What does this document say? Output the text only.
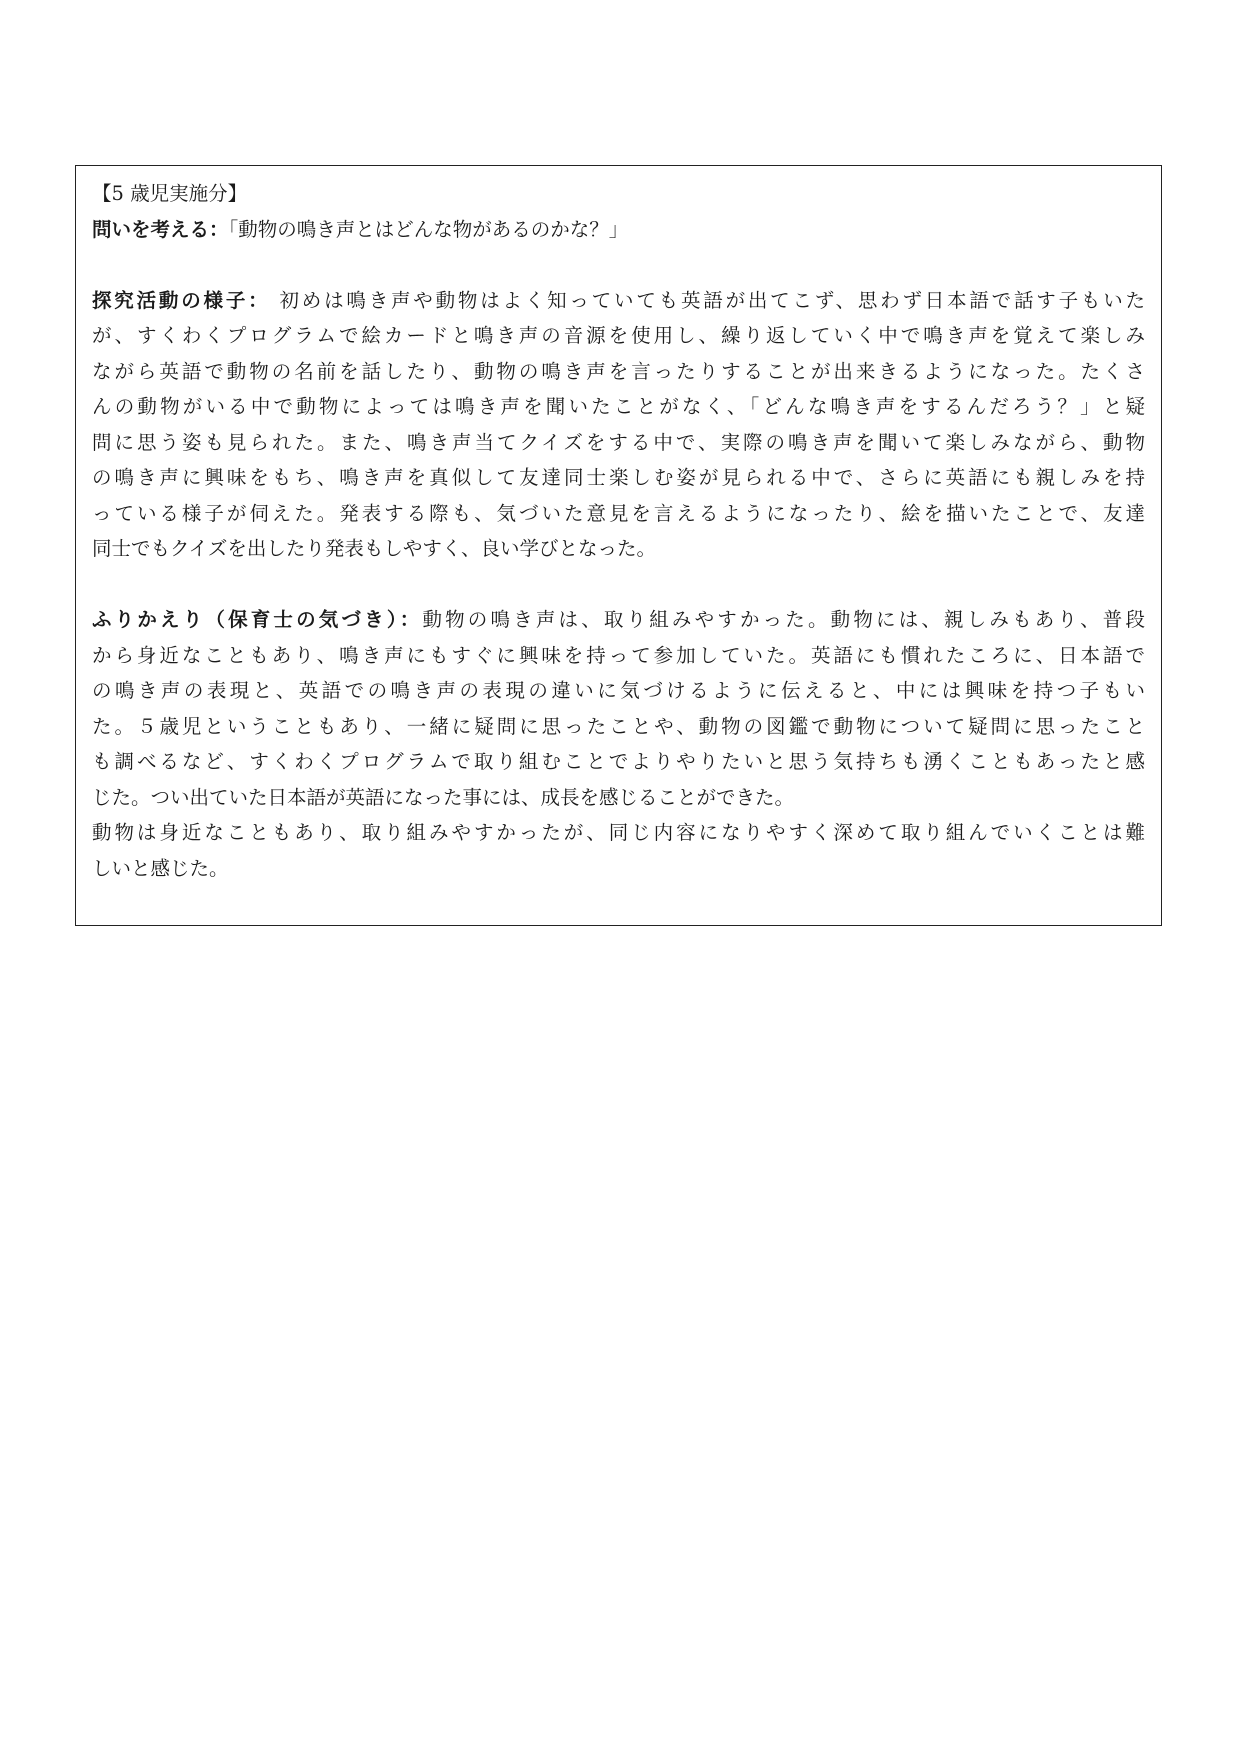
【5 歳児実施分】

問いを考える：「動物の鳴き声とはどんな物があるのかな？」

探究活動の様子： 初めは鳴き声や動物はよく知っていても英語が出てこず、思わず日本語で話す子もいた

が、すくわくプログラムで絵カードと鳴き声の音源を使用し、繰り返していく中で鳴き声を覚えて楽しみ

ながら英語で動物の名前を話したり、動物の鳴き声を言ったりすることが出来きるようになった。たくさ

んの動物がいる中で動物によっては鳴き声を聞いたことがなく、「どんな鳴き声をするんだろう？」と疑

問に思う姿も見られた。また、鳴き声当てクイズをする中で、実際の鳴き声を聞いて楽しみながら、動物

の鳴き声に興味をもち、鳴き声を真似して友達同士楽しむ姿が見られる中で、さらに英語にも親しみを持

っている様子が伺えた。発表する際も、気づいた意見を言えるようになったり、絵を描いたことで、友達

同士でもクイズを出したり発表もしやすく、良い学びとなった。

ふりかえり（保育士の気づき）：動物の鳴き声は、取り組みやすかった。動物には、親しみもあり、普段

から身近なこともあり、鳴き声にもすぐに興味を持って参加していた。英語にも慣れたころに、日本語で

の鳴き声の表現と、英語での鳴き声の表現の違いに気づけるように伝えると、中には興味を持つ子もい

た。５歳児ということもあり、一緒に疑問に思ったことや、動物の図鑑で動物について疑問に思ったこと

も調べるなど、すくわくプログラムで取り組むことでよりやりたいと思う気持ちも湧くこともあったと感

じた。つい出ていた日本語が英語になった事には、成長を感じることができた。

動物は身近なこともあり、取り組みやすかったが、同じ内容になりやすく深めて取り組んでいくことは難

しいと感じた。
